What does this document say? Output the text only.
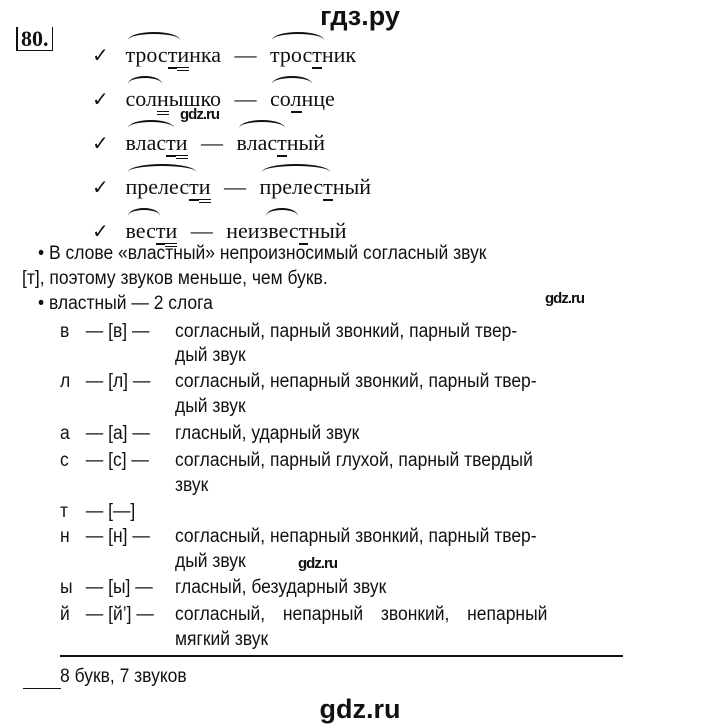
гдз.ру
80.
✓ тростинка — тростник
✓ солнышко — солнце
✓ власти — властный
✓ прелести — прелестный
✓ вести — неизвестный
gdz.ru
• В слове «властный» непроизносимый согласный звук
[т], поэтому звуков меньше, чем букв.
• властный — 2 слога	gdz.ru
в — [в] — согласный, парный звонкий, парный твер-
дый звук
л — [л] — согласный, непарный звонкий, парный твер-
дый звук
а — [а] — гласный, ударный звук
с — [с] — согласный, парный глухой, парный твердый
звук
т — [—]
н — [н] — согласный, непарный звонкий, парный твер-
дый звук	gdz.ru
ы — [ы] — гласный, безударный звук
й — [й’] — согласный, непарный звонкий, непарный
мягкий звук
8 букв, 7 звуков
gdz.ru
